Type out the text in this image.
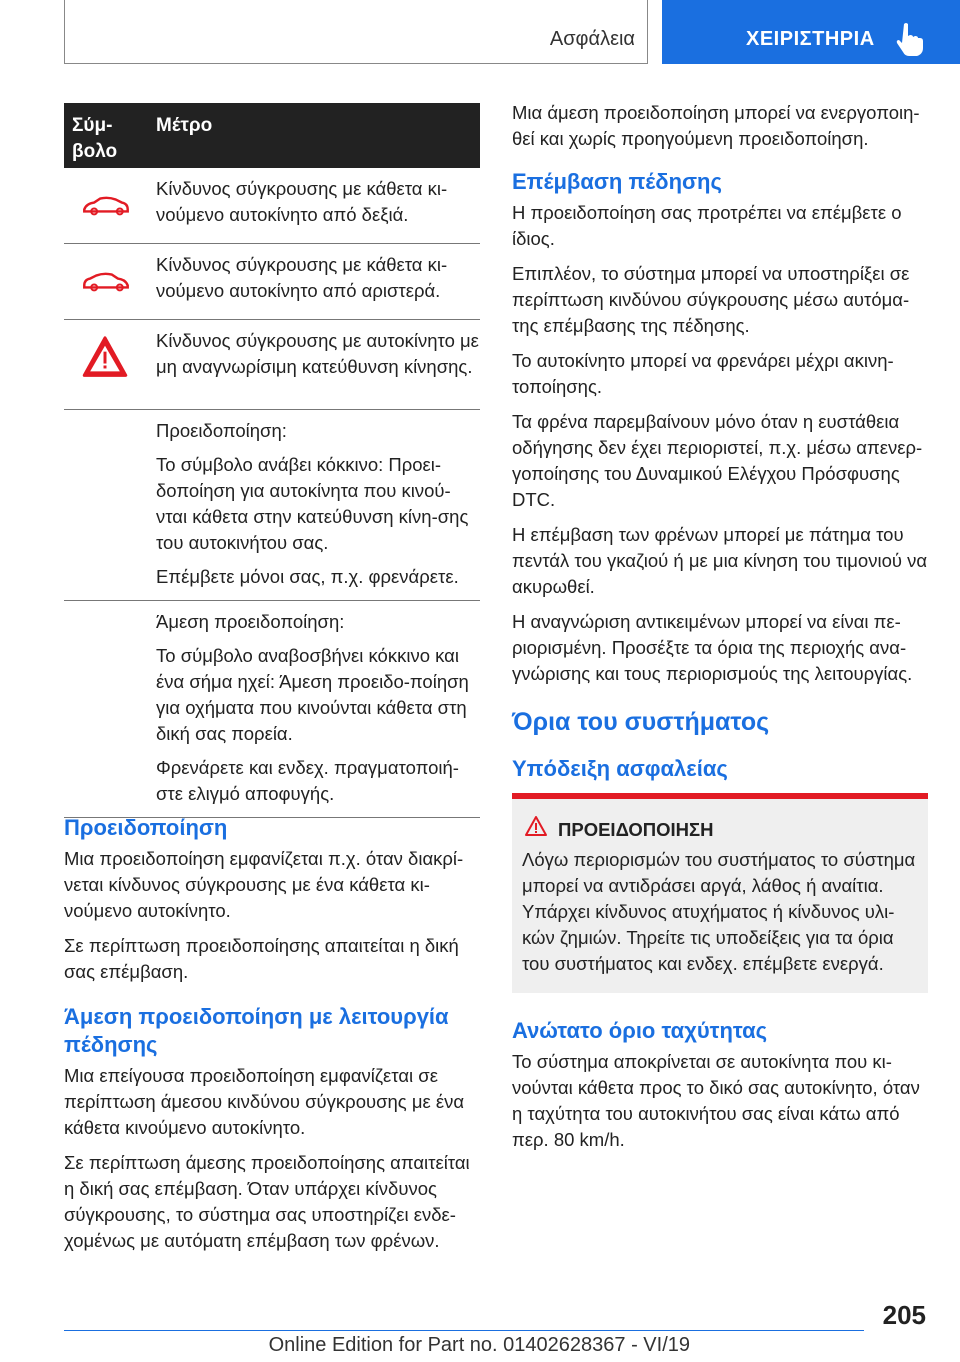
Ασφάλεια	ΧΕΙΡΙΣΤΗΡΙΑ
Σύμ-βολο
Μέτρο
Κίνδυνος σύγκρουσης με κάθετα κι-νούμενο αυτοκίνητο από δεξιά.
Κίνδυνος σύγκρουσης με κάθετα κι-νούμενο αυτοκίνητο από αριστερά.
Κίνδυνος σύγκρουσης με αυτοκίνητο με μη αναγνωρίσιμη κατεύθυνση κίνησης.

Προειδοποίηση:

Το σύμβολο ανάβει κόκκινο: Προει-δοποίηση για αυτοκίνητα που κινού-νται κάθετα στην κατεύθυνση κίνη-σης του αυτοκινήτου σας.

Επέμβετε μόνοι σας, π.χ. φρενάρετε.

Άμεση προειδοποίηση:

Το σύμβολο αναβοσβήνει κόκκινο και ένα σήμα ηχεί: Άμεση προειδο-ποίηση για οχήματα που κινούνται κάθετα στη δική σας πορεία.

Φρενάρετε και ενδεχ. πραγματοποιή-στε ελιγμό αποφυγής.

Προειδοποίηση

Μια προειδοποίηση εμφανίζεται π.χ. όταν διακρί-νεται κίνδυνος σύγκρουσης με ένα κάθετα κι-νούμενο αυτοκίνητο.

Σε περίπτωση προειδοποίησης απαιτείται η δική σας επέμβαση.

Άμεση προειδοποίηση με λειτουργία πέδησης

Μια επείγουσα προειδοποίηση εμφανίζεται σε περίπτωση άμεσου κινδύνου σύγκρουσης με ένα κάθετα κινούμενο αυτοκίνητο.

Σε περίπτωση άμεσης προειδοποίησης απαιτείται η δική σας επέμβαση. Όταν υπάρχει κίνδυνος σύγκρουσης, το σύστημα σας υποστηρίζει ενδε-χομένως με αυτόματη επέμβαση των φρένων.

Μια άμεση προειδοποίηση μπορεί να ενεργοποιη-θεί και χωρίς προηγούμενη προειδοποίηση.

Επέμβαση πέδησης

Η προειδοποίηση σας προτρέπει να επέμβετε ο ίδιος.

Επιπλέον, το σύστημα μπορεί να υποστηρίξει σε περίπτωση κινδύνου σύγκρουσης μέσω αυτόμα-της επέμβασης της πέδησης.

Το αυτοκίνητο μπορεί να φρενάρει μέχρι ακινη-τοποίησης.

Τα φρένα παρεμβαίνουν μόνο όταν η ευστάθεια οδήγησης δεν έχει περιοριστεί, π.χ. μέσω απενερ-γοποίησης του Δυναμικού Ελέγχου Πρόσφυσης DTC.

Η επέμβαση των φρένων μπορεί με πάτημα του πεντάλ του γκαζιού ή με μια κίνηση του τιμονιού να ακυρωθεί.

Η αναγνώριση αντικειμένων μπορεί να είναι πε-ριορισμένη. Προσέξτε τα όρια της περιοχής ανα-γνώρισης και τους περιορισμούς της λειτουργίας.

Όρια του συστήματος
Υπόδειξη ασφαλείας
ΠΡΟΕΙΔΟΠΟΙΗΣΗ
Λόγω περιορισμών του συστήματος το σύστημα μπορεί να αντιδράσει αργά, λάθος ή αναίτια. Υπάρχει κίνδυνος ατυχήματος ή κίνδυνος υλι-κών ζημιών. Τηρείτε τις υποδείξεις για τα όρια του συστήματος και ενδεχ. επέμβετε ενεργά.
Ανώτατο όριο ταχύτητας

Το σύστημα αποκρίνεται σε αυτοκίνητα που κι-νούνται κάθετα προς το δικό σας αυτοκίνητο, όταν η ταχύτητα του αυτοκινήτου σας είναι κάτω από περ. 80 km/h.

205
Online Edition for Part no. 01402628367 - VI/19
